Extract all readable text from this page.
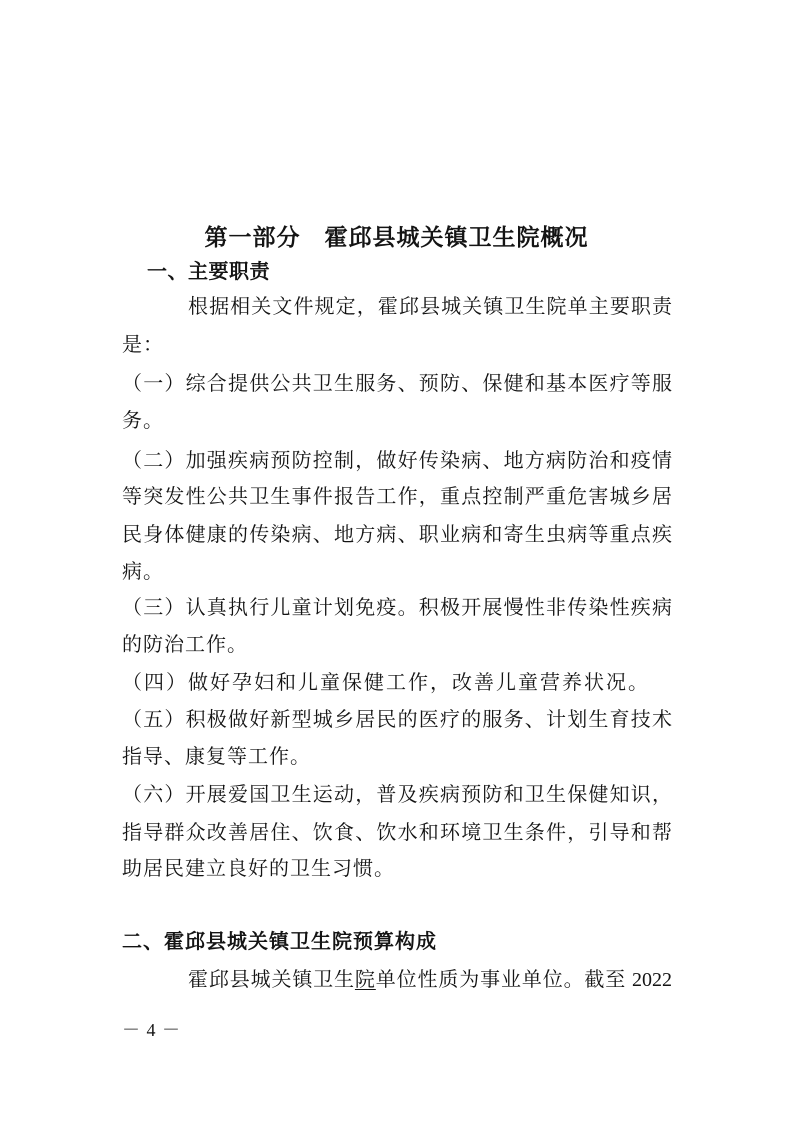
第一部分　霍邱县城关镇卫生院概况
一、主要职责
根据相关文件规定，霍邱县城关镇卫生院单主要职责
是：
（一）综合提供公共卫生服务、预防、保健和基本医疗等服
务。
（二）加强疾病预防控制，做好传染病、地方病防治和疫情
等突发性公共卫生事件报告工作，重点控制严重危害城乡居
民身体健康的传染病、地方病、职业病和寄生虫病等重点疾
病。
（三）认真执行儿童计划免疫。积极开展慢性非传染性疾病
的防治工作。
（四）做好孕妇和儿童保健工作，改善儿童营养状况。
（五）积极做好新型城乡居民的医疗的服务、计划生育技术
指导、康复等工作。
（六）开展爱国卫生运动，普及疾病预防和卫生保健知识，
指导群众改善居住、饮食、饮水和环境卫生条件，引导和帮
助居民建立良好的卫生习惯。
二、霍邱县城关镇卫生院预算构成
霍邱县城关镇卫生院单位性质为事业单位。截至 2022
－ 4 －
